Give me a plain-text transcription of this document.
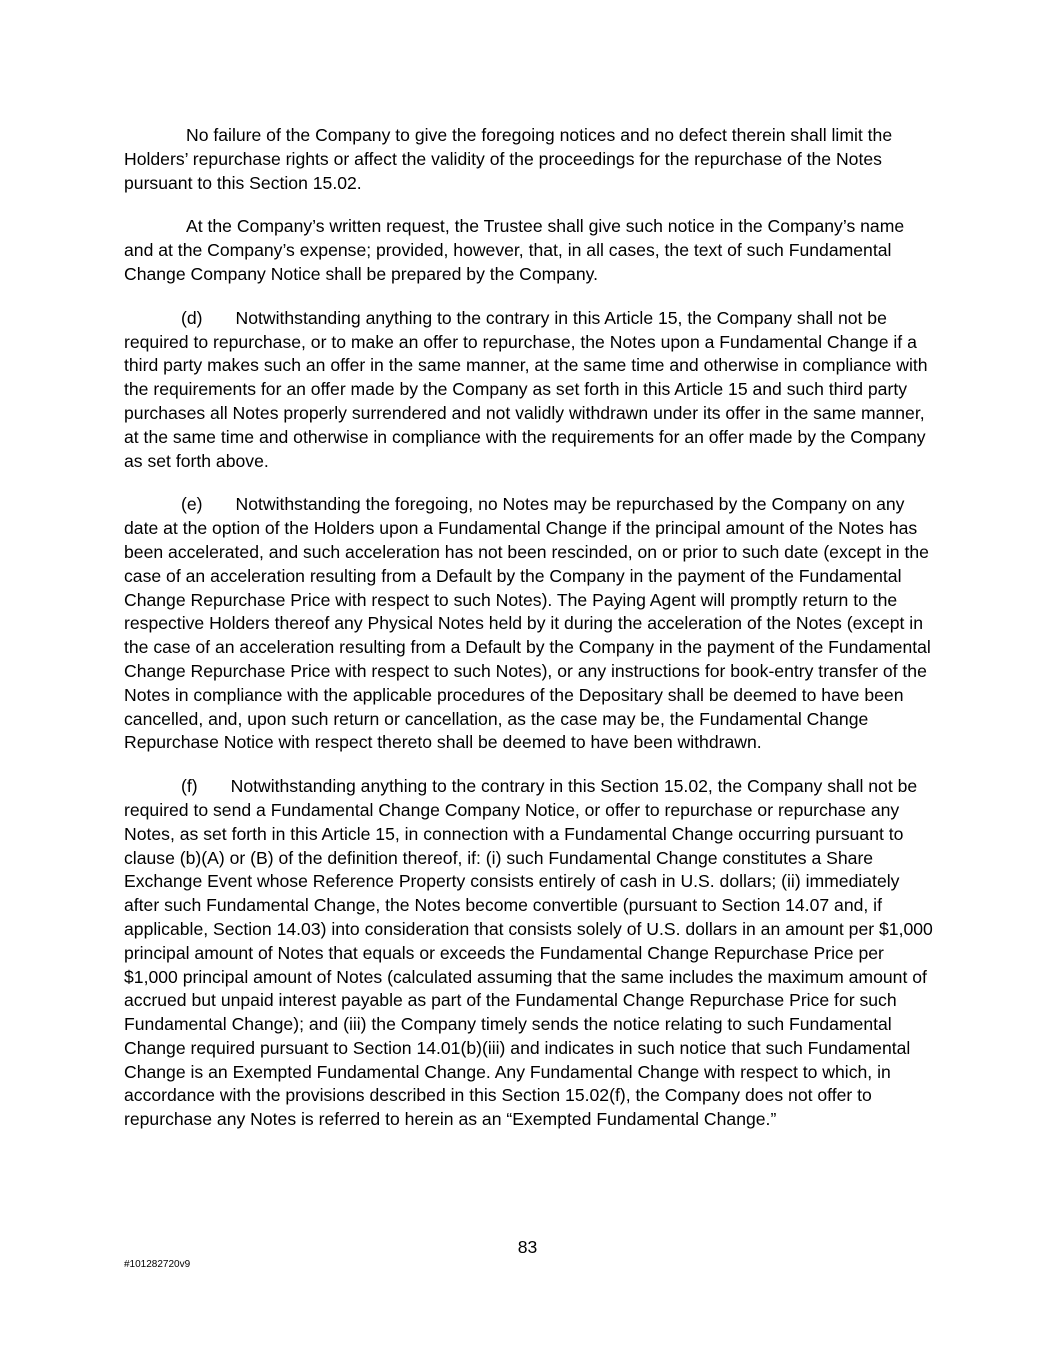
No failure of the Company to give the foregoing notices and no defect therein shall limit the Holders’ repurchase rights or affect the validity of the proceedings for the repurchase of the Notes pursuant to this Section 15.02.

At the Company’s written request, the Trustee shall give such notice in the Company’s name and at the Company’s expense; provided, however, that, in all cases, the text of such Fundamental Change Company Notice shall be prepared by the Company.

(d) Notwithstanding anything to the contrary in this Article 15, the Company shall not be required to repurchase, or to make an offer to repurchase, the Notes upon a Fundamental Change if a third party makes such an offer in the same manner, at the same time and otherwise in compliance with the requirements for an offer made by the Company as set forth in this Article 15 and such third party purchases all Notes properly surrendered and not validly withdrawn under its offer in the same manner, at the same time and otherwise in compliance with the requirements for an offer made by the Company as set forth above.

(e) Notwithstanding the foregoing, no Notes may be repurchased by the Company on any date at the option of the Holders upon a Fundamental Change if the principal amount of the Notes has been accelerated, and such acceleration has not been rescinded, on or prior to such date (except in the case of an acceleration resulting from a Default by the Company in the payment of the Fundamental Change Repurchase Price with respect to such Notes). The Paying Agent will promptly return to the respective Holders thereof any Physical Notes held by it during the acceleration of the Notes (except in the case of an acceleration resulting from a Default by the Company in the payment of the Fundamental Change Repurchase Price with respect to such Notes), or any instructions for book-entry transfer of the Notes in compliance with the applicable procedures of the Depositary shall be deemed to have been cancelled, and, upon such return or cancellation, as the case may be, the Fundamental Change Repurchase Notice with respect thereto shall be deemed to have been withdrawn.

(f) Notwithstanding anything to the contrary in this Section 15.02, the Company shall not be required to send a Fundamental Change Company Notice, or offer to repurchase or repurchase any Notes, as set forth in this Article 15, in connection with a Fundamental Change occurring pursuant to clause (b)(A) or (B) of the definition thereof, if: (i) such Fundamental Change constitutes a Share Exchange Event whose Reference Property consists entirely of cash in U.S. dollars; (ii) immediately after such Fundamental Change, the Notes become convertible (pursuant to Section 14.07 and, if applicable, Section 14.03) into consideration that consists solely of U.S. dollars in an amount per $1,000 principal amount of Notes that equals or exceeds the Fundamental Change Repurchase Price per $1,000 principal amount of Notes (calculated assuming that the same includes the maximum amount of accrued but unpaid interest payable as part of the Fundamental Change Repurchase Price for such Fundamental Change); and (iii) the Company timely sends the notice relating to such Fundamental Change required pursuant to Section 14.01(b)(iii) and indicates in such notice that such Fundamental Change is an Exempted Fundamental Change. Any Fundamental Change with respect to which, in accordance with the provisions described in this Section 15.02(f), the Company does not offer to repurchase any Notes is referred to herein as an “Exempted Fundamental Change.”

83
#101282720v9
